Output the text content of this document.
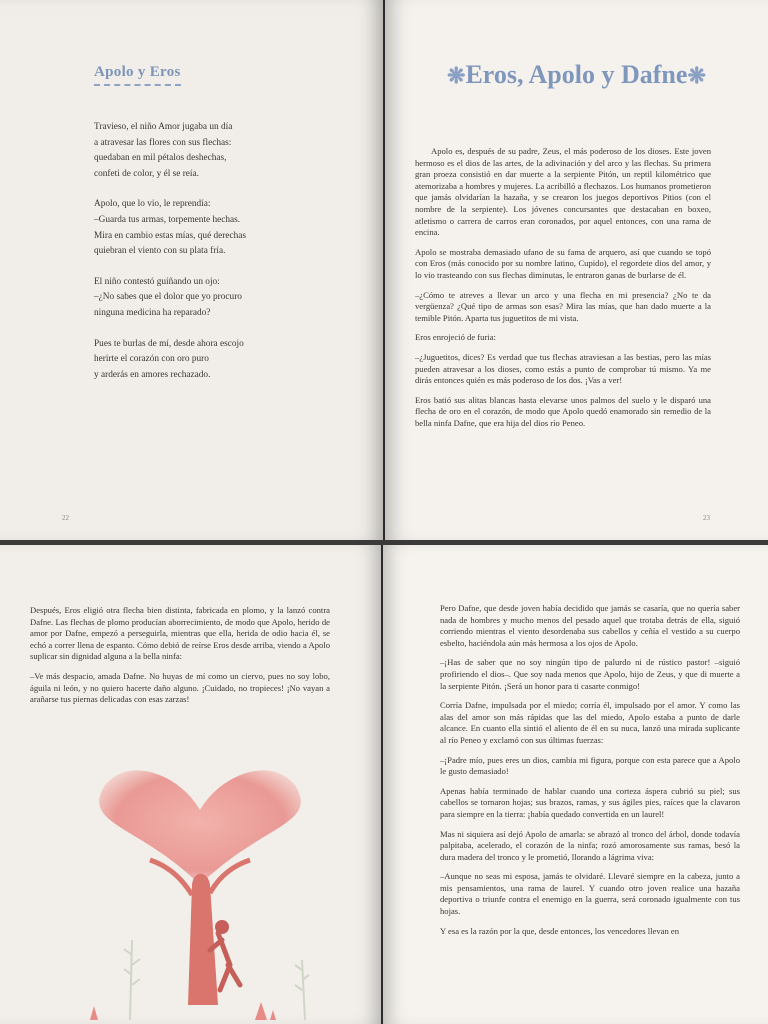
Apolo y Eros

Travieso, el niño Amor jugaba un día
a atravesar las flores con sus flechas:
quedaban en mil pétalos deshechas,
confeti de color, y él se reía.

Apolo, que lo vio, le reprendía:
–Guarda tus armas, torpemente hechas.
Mira en cambio estas mías, qué derechas
quiebran el viento con su plata fría.

El niño contestó guiñando un ojo:
–¿No sabes que el dolor que yo procuro
ninguna medicina ha reparado?

Pues te burlas de mí, desde ahora escojo
herirte el corazón con oro puro
y arderás en amores rechazado.

22
❋Eros, Apolo y Dafne❋

Apolo es, después de su padre, Zeus, el más poderoso de los dioses. Este joven hermoso es el dios de las artes, de la adivinación y del arco y las flechas. Su primera gran proeza consistió en dar muerte a la serpiente Pitón, un reptil kilométrico que atemorizaba a hombres y mujeres. La acribilló a flechazos. Los humanos prometieron que jamás olvidarían la hazaña, y se crearon los juegos deportivos Pitios (con el nombre de la serpiente). Los jóvenes concursantes que destacaban en boxeo, atletismo o carrera de carros eran coronados, por aquel entonces, con una rama de encina.

Apolo se mostraba demasiado ufano de su fama de arquero, así que cuando se topó con Eros (más conocido por su nombre latino, Cupido), el regordete dios del amor, y lo vio trasteando con sus flechas diminutas, le entraron ganas de burlarse de él.

–¿Cómo te atreves a llevar un arco y una flecha en mi presencia? ¿No te da vergüenza? ¿Qué tipo de armas son esas? Mira las mías, que han dado muerte a la temible Pitón. Aparta tus juguetitos de mi vista.

Eros enrojeció de furia:

–¿Juguetitos, dices? Es verdad que tus flechas atraviesan a las bestias, pero las mías pueden atravesar a los dioses, como estás a punto de comprobar tú mismo. Ya me dirás entonces quién es más poderoso de los dos. ¡Vas a ver!

Eros batió sus alitas blancas hasta elevarse unos palmos del suelo y le disparó una flecha de oro en el corazón, de modo que Apolo quedó enamorado sin remedio de la bella ninfa Dafne, que era hija del dios río Peneo.

23

Después, Eros eligió otra flecha bien distinta, fabricada en plomo, y la lanzó contra Dafne. Las flechas de plomo producían aborrecimiento, de modo que Apolo, herido de amor por Dafne, empezó a perseguirla, mientras que ella, herida de odio hacia él, se echó a correr llena de espanto. Cómo debió de reírse Eros desde arriba, viendo a Apolo suplicar sin dignidad alguna a la bella ninfa:

–Ve más despacio, amada Dafne. No huyas de mí como un ciervo, pues no soy lobo, águila ni león, y no quiero hacerte daño alguno. ¡Cuidado, no tropieces! ¡No vayan a arañarse tus piernas delicadas con esas zarzas!

Pero Dafne, que desde joven había decidido que jamás se casaría, que no quería saber nada de hombres y mucho menos del pesado aquel que trotaba detrás de ella, siguió corriendo mientras el viento desordenaba sus cabellos y ceñía el vestido a su cuerpo esbelto, haciéndola aún más hermosa a los ojos de Apolo.

–¡Has de saber que no soy ningún tipo de palurdo ni de rústico pastor! –siguió profiriendo el dios–. Que soy nada menos que Apolo, hijo de Zeus, y que di muerte a la serpiente Pitón. ¡Será un honor para ti casarte conmigo!

Corría Dafne, impulsada por el miedo; corría él, impulsado por el amor. Y como las alas del amor son más rápidas que las del miedo, Apolo estaba a punto de darle alcance. En cuanto ella sintió el aliento de él en su nuca, lanzó una mirada suplicante al río Peneo y exclamó con sus últimas fuerzas:

–¡Padre mío, pues eres un dios, cambia mi figura, porque con esta parece que a Apolo le gusto demasiado!

Apenas había terminado de hablar cuando una corteza áspera cubrió su piel; sus cabellos se tornaron hojas; sus brazos, ramas, y sus ágiles pies, raíces que la clavaron para siempre en la tierra: ¡había quedado convertida en un laurel!

Mas ni siquiera así dejó Apolo de amarla: se abrazó al tronco del árbol, donde todavía palpitaba, acelerado, el corazón de la ninfa; rozó amorosamente sus ramas, besó la dura madera del tronco y le prometió, llorando a lágrima viva:

–Aunque no seas mi esposa, jamás te olvidaré. Llevaré siempre en la cabeza, junto a mis pensamientos, una rama de laurel. Y cuando otro joven realice una hazaña deportiva o triunfe contra el enemigo en la guerra, será coronado igualmente con tus hojas.

Y esa es la razón por la que, desde entonces, los vencedores llevan en
